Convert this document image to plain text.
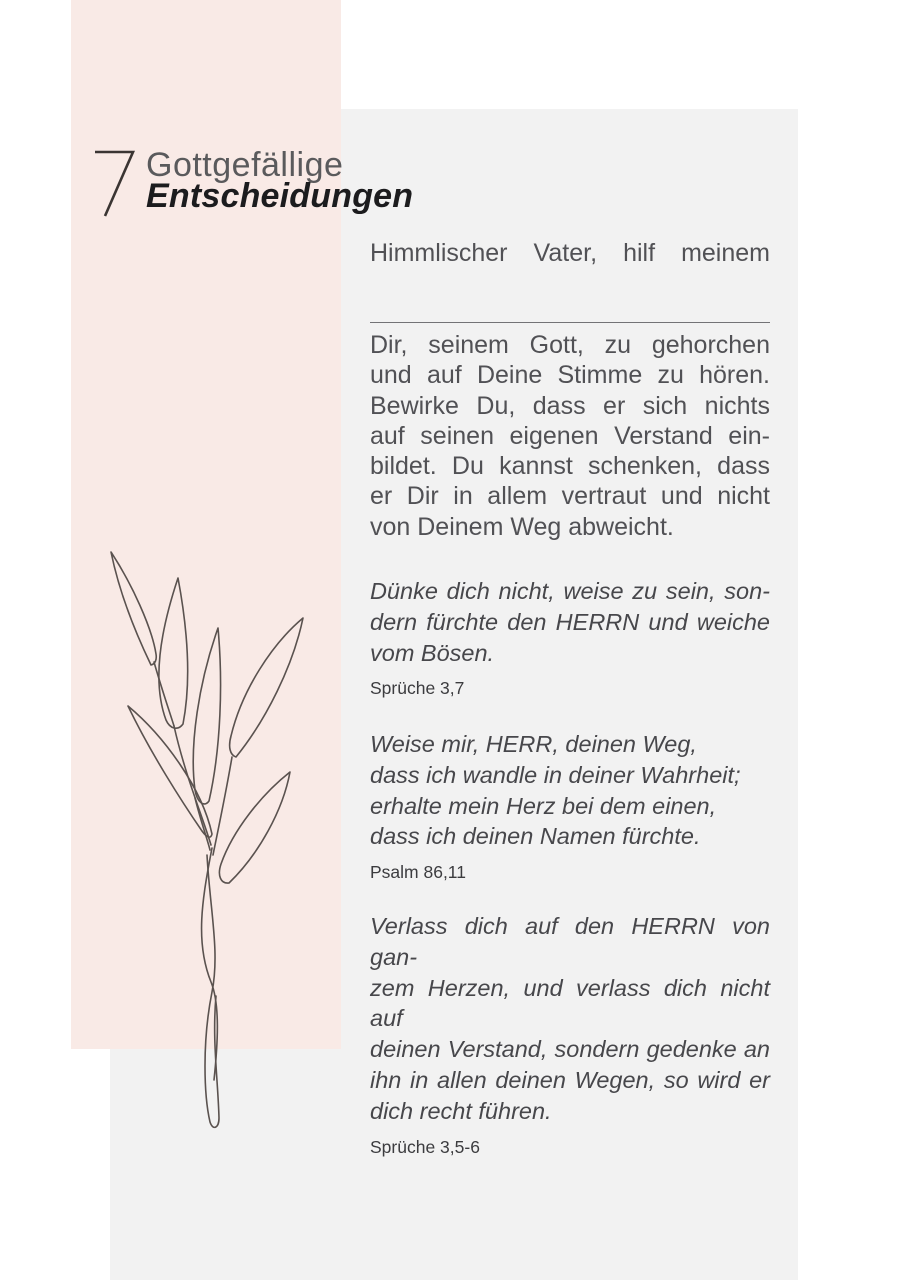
Gottgefällige
Entscheidungen
Himmlischer Vater, hilf meinem
Dir, seinem Gott, zu gehorchen
und auf Deine Stimme zu hören.
Bewirke Du, dass er sich nichts
auf seinen eigenen Verstand ein-
bildet. Du kannst schenken, dass
er Dir in allem vertraut und nicht
von Deinem Weg abweicht.
Dünke dich nicht, weise zu sein, son-
dern fürchte den HERRN und weiche
vom Bösen.
Sprüche 3,7
Weise mir, HERR, deinen Weg,
dass ich wandle in deiner Wahrheit;
erhalte mein Herz bei dem einen,
dass ich deinen Namen fürchte.
Psalm 86,11
Verlass dich auf den HERRN von gan-
zem Herzen, und verlass dich nicht auf
deinen Verstand, sondern gedenke an
ihn in allen deinen Wegen, so wird er
dich recht führen.
Sprüche 3,5-6
